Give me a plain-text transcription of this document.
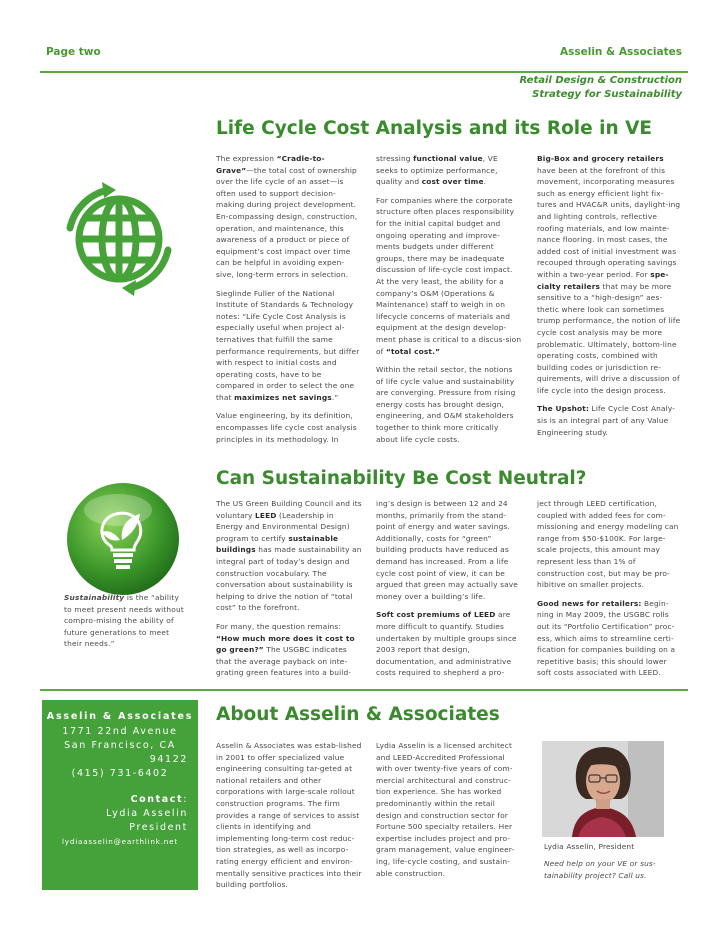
Page two	Asselin & Associates
Retail Design & Construction
Strategy for Sustainability
Life Cycle Cost Analysis and its Role in VE

The expression “Cradle-to-Grave”—the total cost of ownership over the life cycle of an asset—is often used to support decision-making during project development. En-compassing design, construction, operation, and maintenance, this awareness of a product or piece of equipment’s cost impact over time can be helpful in avoiding expen-sive, long-term errors in selection.

Sieglinde Fuller of the National Institute of Standards & Technology notes: “Life Cycle Cost Analysis is especially useful when project al-ternatives that fulfill the same performance requirements, but differ with respect to initial costs and operating costs, have to be compared in order to select the one that maximizes net savings.”

Value engineering, by its definition, encompasses life cycle cost analysis principles in its methodology. In

stressing functional value, VE seeks to optimize performance, quality and cost over time.

For companies where the corporate structure often places responsibility for the initial capital budget and ongoing operating and improve-ments budgets under different groups, there may be inadequate discussion of life-cycle cost impact. At the very least, the ability for a company’s O&M (Operations & Maintenance) staff to weigh in on lifecycle concerns of materials and equipment at the design develop-ment phase is critical to a discus-sion of “total cost.”

Within the retail sector, the notions of life cycle value and sustainability are converging. Pressure from rising energy costs has brought design, engineering, and O&M stakeholders together to think more critically about life cycle costs.

Big-Box and grocery retailers have been at the forefront of this movement, incorporating measures such as energy efficient light fix-tures and HVAC&R units, daylight-ing and lighting controls, reflective roofing materials, and low mainte-nance flooring. In most cases, the added cost of initial investment was recouped through operating savings within a two-year period. For spe-cialty retailers that may be more sensitive to a “high-design” aes-thetic where look can sometimes trump performance, the notion of life cycle cost analysis may be more problematic. Ultimately, bottom-line operating costs, combined with building codes or jurisdiction re-quirements, will drive a discussion of life cycle into the design process.

The Upshot: Life Cycle Cost Analy-sis is an integral part of any Value Engineering study.

Sustainability is the “ability to meet present needs without compro-mising the ability of future generations to meet their needs.”
Can Sustainability Be Cost Neutral?

The US Green Building Council and its voluntary LEED (Leadership in Energy and Environmental Design) program to certify sustainable buildings has made sustainability an integral part of today’s design and construction vocabulary. The conversation about sustainability is helping to drive the notion of “total cost” to the forefront.

For many, the question remains: “How much more does it cost to go green?” The USGBC indicates that the average payback on inte-grating green features into a build-

ing’s design is between 12 and 24 months, primarily from the stand-point of energy and water savings. Additionally, costs for “green” building products have reduced as demand has increased. From a life cycle cost point of view, it can be argued that green may actually save money over a building’s life.

Soft cost premiums of LEED are more difficult to quantify. Studies undertaken by multiple groups since 2003 report that design, documentation, and administrative costs required to shepherd a pro-

ject through LEED certification, coupled with added fees for com-missioning and energy modeling can range from $50-$100K. For large-scale projects, this amount may represent less than 1% of construction cost, but may be pro-hibitive on smaller projects.

Good news for retailers: Begin-ning in May 2009, the USGBC rolls out its “Portfolio Certification” proc-ess, which aims to streamline certi-fication for companies building on a repetitive basis; this should lower soft costs associated with LEED.

Asselin & Associates
1771 22nd Avenue
San Francisco, CA
94122
(415) 731-6402
Contact:
Lydia Asselin
President
lydiaasselin@earthlink.net
About Asselin & Associates
Asselin & Associates was estab-lished in 2001 to offer specialized value engineering consulting tar-geted at national retailers and other corporations with large-scale rollout construction programs. The firm provides a range of services to assist clients in identifying and implementing long-term cost reduc-tion strategies, as well as incorpo-rating energy efficient and environ-mentally sensitive practices into their building portfolios.
Lydia Asselin is a licensed architect and LEED-Accredited Professional with over twenty-five years of com-mercial architectural and construc-tion experience. She has worked predominantly within the retail design and construction sector for Fortune 500 specialty retailers. Her expertise includes project and pro-gram management, value engineer-ing, life-cycle costing, and sustain-able construction.
Lydia Asselin, President
Need help on your VE or sus-tainability project? Call us.
